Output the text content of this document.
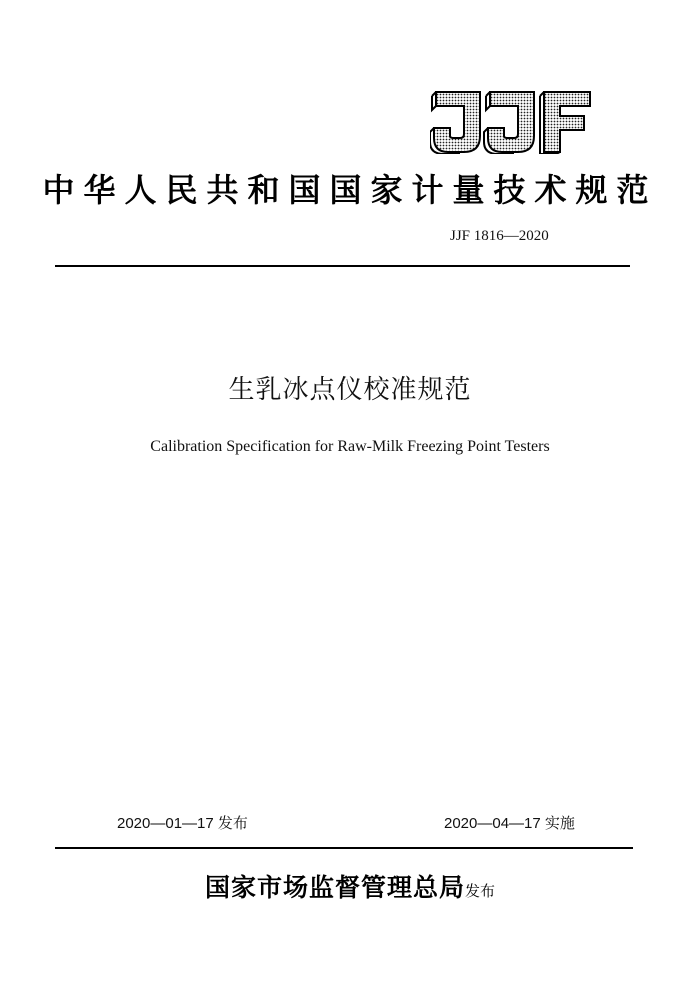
中华人民共和国国家计量技术规范
JJF 1816—2020
生乳冰点仪校准规范
Calibration Specification for Raw-Milk Freezing Point Testers
2020—01—17 发布	2020—04—17 实施
国家市场监督管理总局发布
